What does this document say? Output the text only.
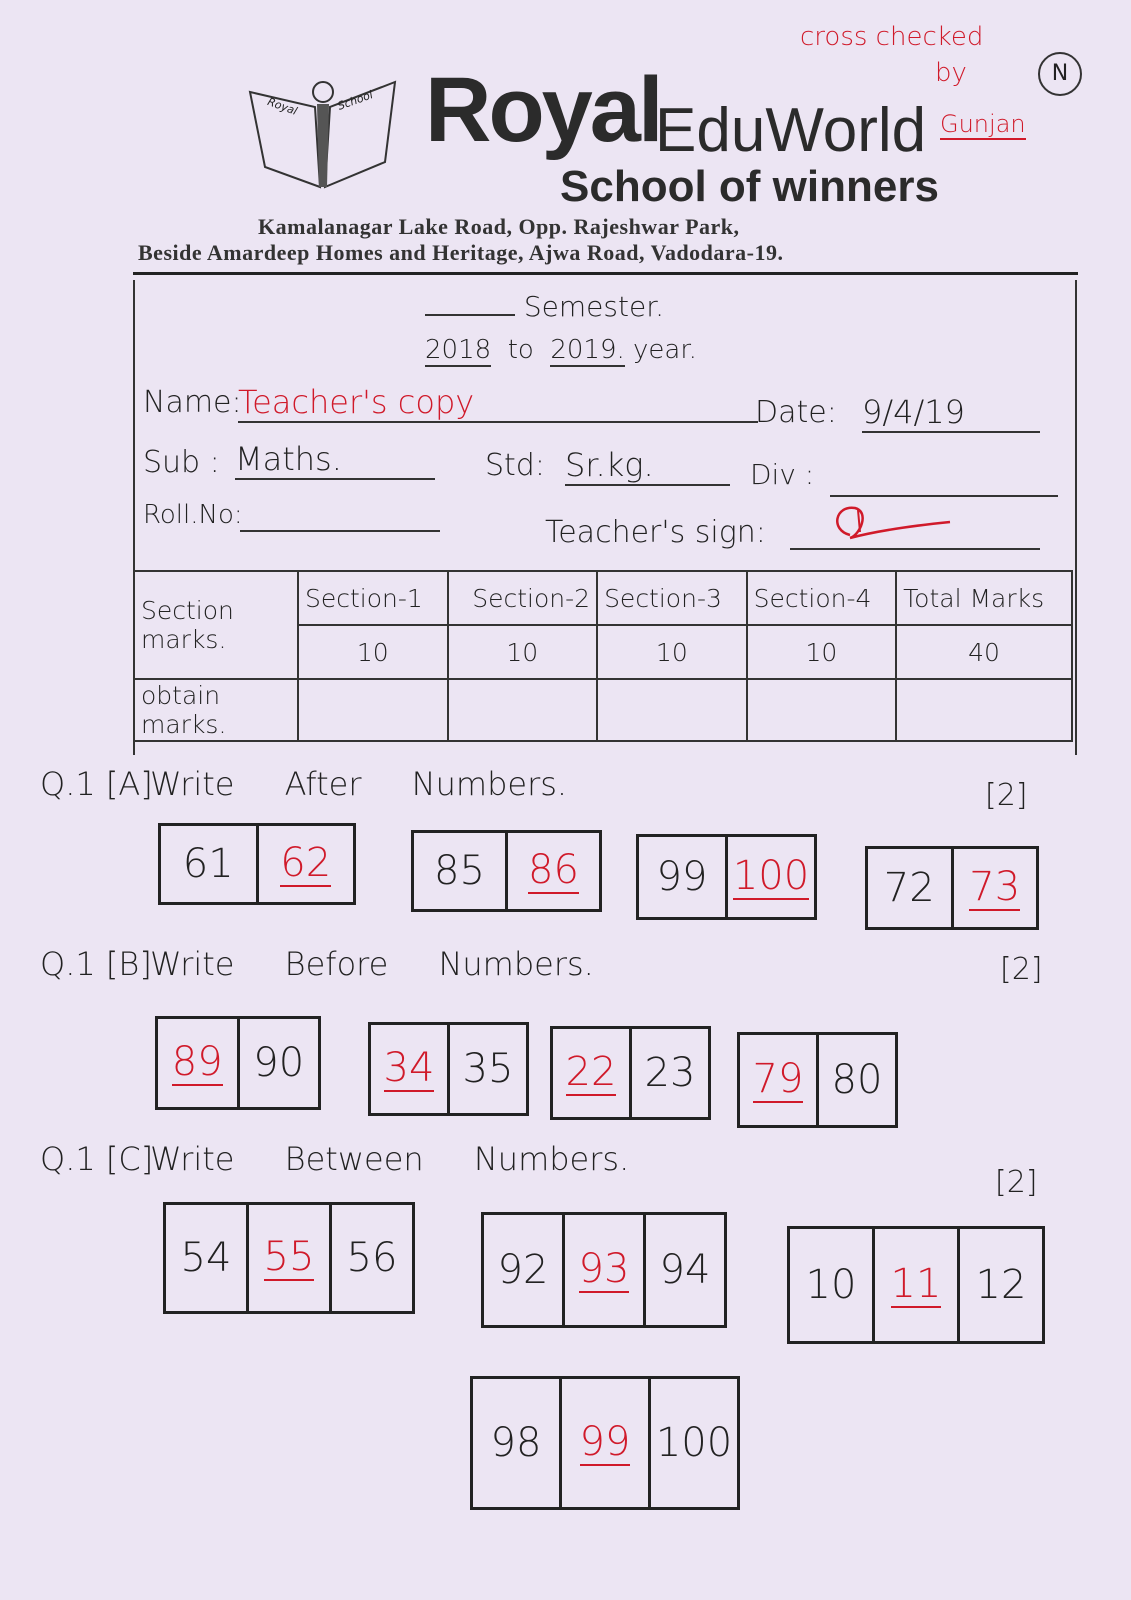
cross checked
by
Gunjan
N
Royal	School Royal
EduWorld
School of winners
Kamalanagar Lake Road, Opp. Rajeshwar Park,
Beside Amardeep Homes and Heritage, Ajwa Road, Vadodara-19.
Semester.
2018 to 2019. year.
Name:
Teacher's copy	Date: 9/4/19
Sub : Maths.	Std: Sr.kg.	Div :
Roll.No:	Teacher's sign:
Section marks.	Section-1	Section-2	Section-3	Section-4	Total Marks
	10	10	10	10	40
obtain marks.					
Q.1 [A]
Write After Numbers.	[2]
61 62	85 86 99 100 72 73
Q.1 [B]
Write Before Numbers.	[2]
89 90 34 35 22 23 79 80
Q.1 [C]
Write Between Numbers.
[2]
54 55 56	92 93 94 10 11 12
98 99 100
